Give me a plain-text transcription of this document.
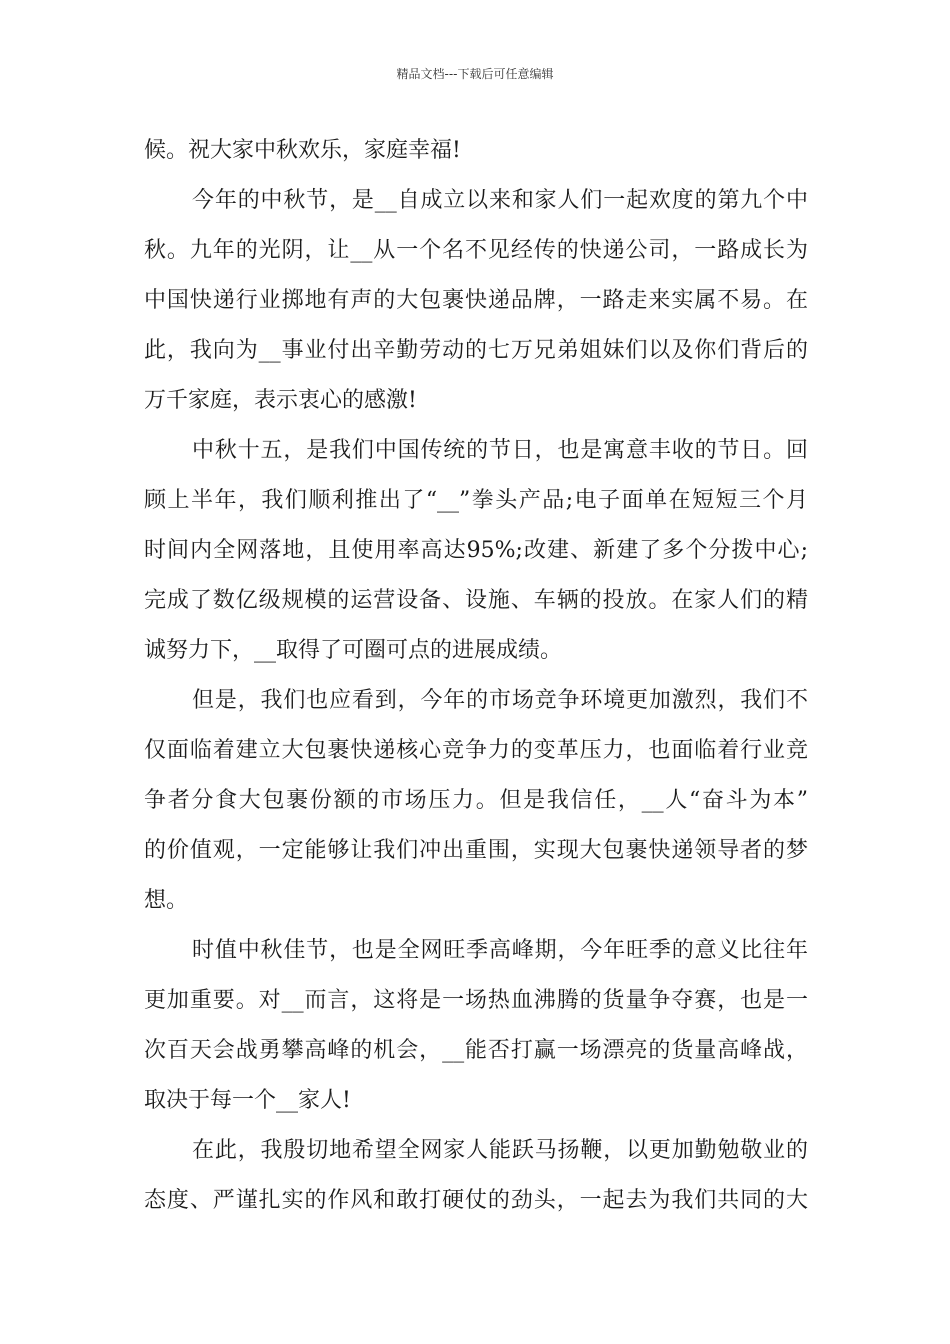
精品文档---下载后可任意编辑
候。祝大家中秋欢乐，家庭幸福!
今年的中秋节，是__自成立以来和家人们一起欢度的第九个中
秋。九年的光阴，让__从一个名不见经传的快递公司，一路成长为
中国快递行业掷地有声的大包裹快递品牌，一路走来实属不易。在
此，我向为__事业付出辛勤劳动的七万兄弟姐妹们以及你们背后的
万千家庭，表示衷心的感激!
中秋十五，是我们中国传统的节日，也是寓意丰收的节日。回
顾上半年，我们顺利推出了“__”拳头产品;电子面单在短短三个月
时间内全网落地，且使用率高达95%;改建、新建了多个分拨中心;
完成了数亿级规模的运营设备、设施、车辆的投放。在家人们的精
诚努力下，__取得了可圈可点的进展成绩。
但是，我们也应看到，今年的市场竞争环境更加激烈，我们不
仅面临着建立大包裹快递核心竞争力的变革压力，也面临着行业竞
争者分食大包裹份额的市场压力。但是我信任，__人“奋斗为本”
的价值观，一定能够让我们冲出重围，实现大包裹快递领导者的梦
想。
时值中秋佳节，也是全网旺季高峰期，今年旺季的意义比往年
更加重要。对__而言，这将是一场热血沸腾的货量争夺赛，也是一
次百天会战勇攀高峰的机会，__能否打赢一场漂亮的货量高峰战，
取决于每一个__家人!
在此，我殷切地希望全网家人能跃马扬鞭，以更加勤勉敬业的
态度、严谨扎实的作风和敢打硬仗的劲头，一起去为我们共同的大
